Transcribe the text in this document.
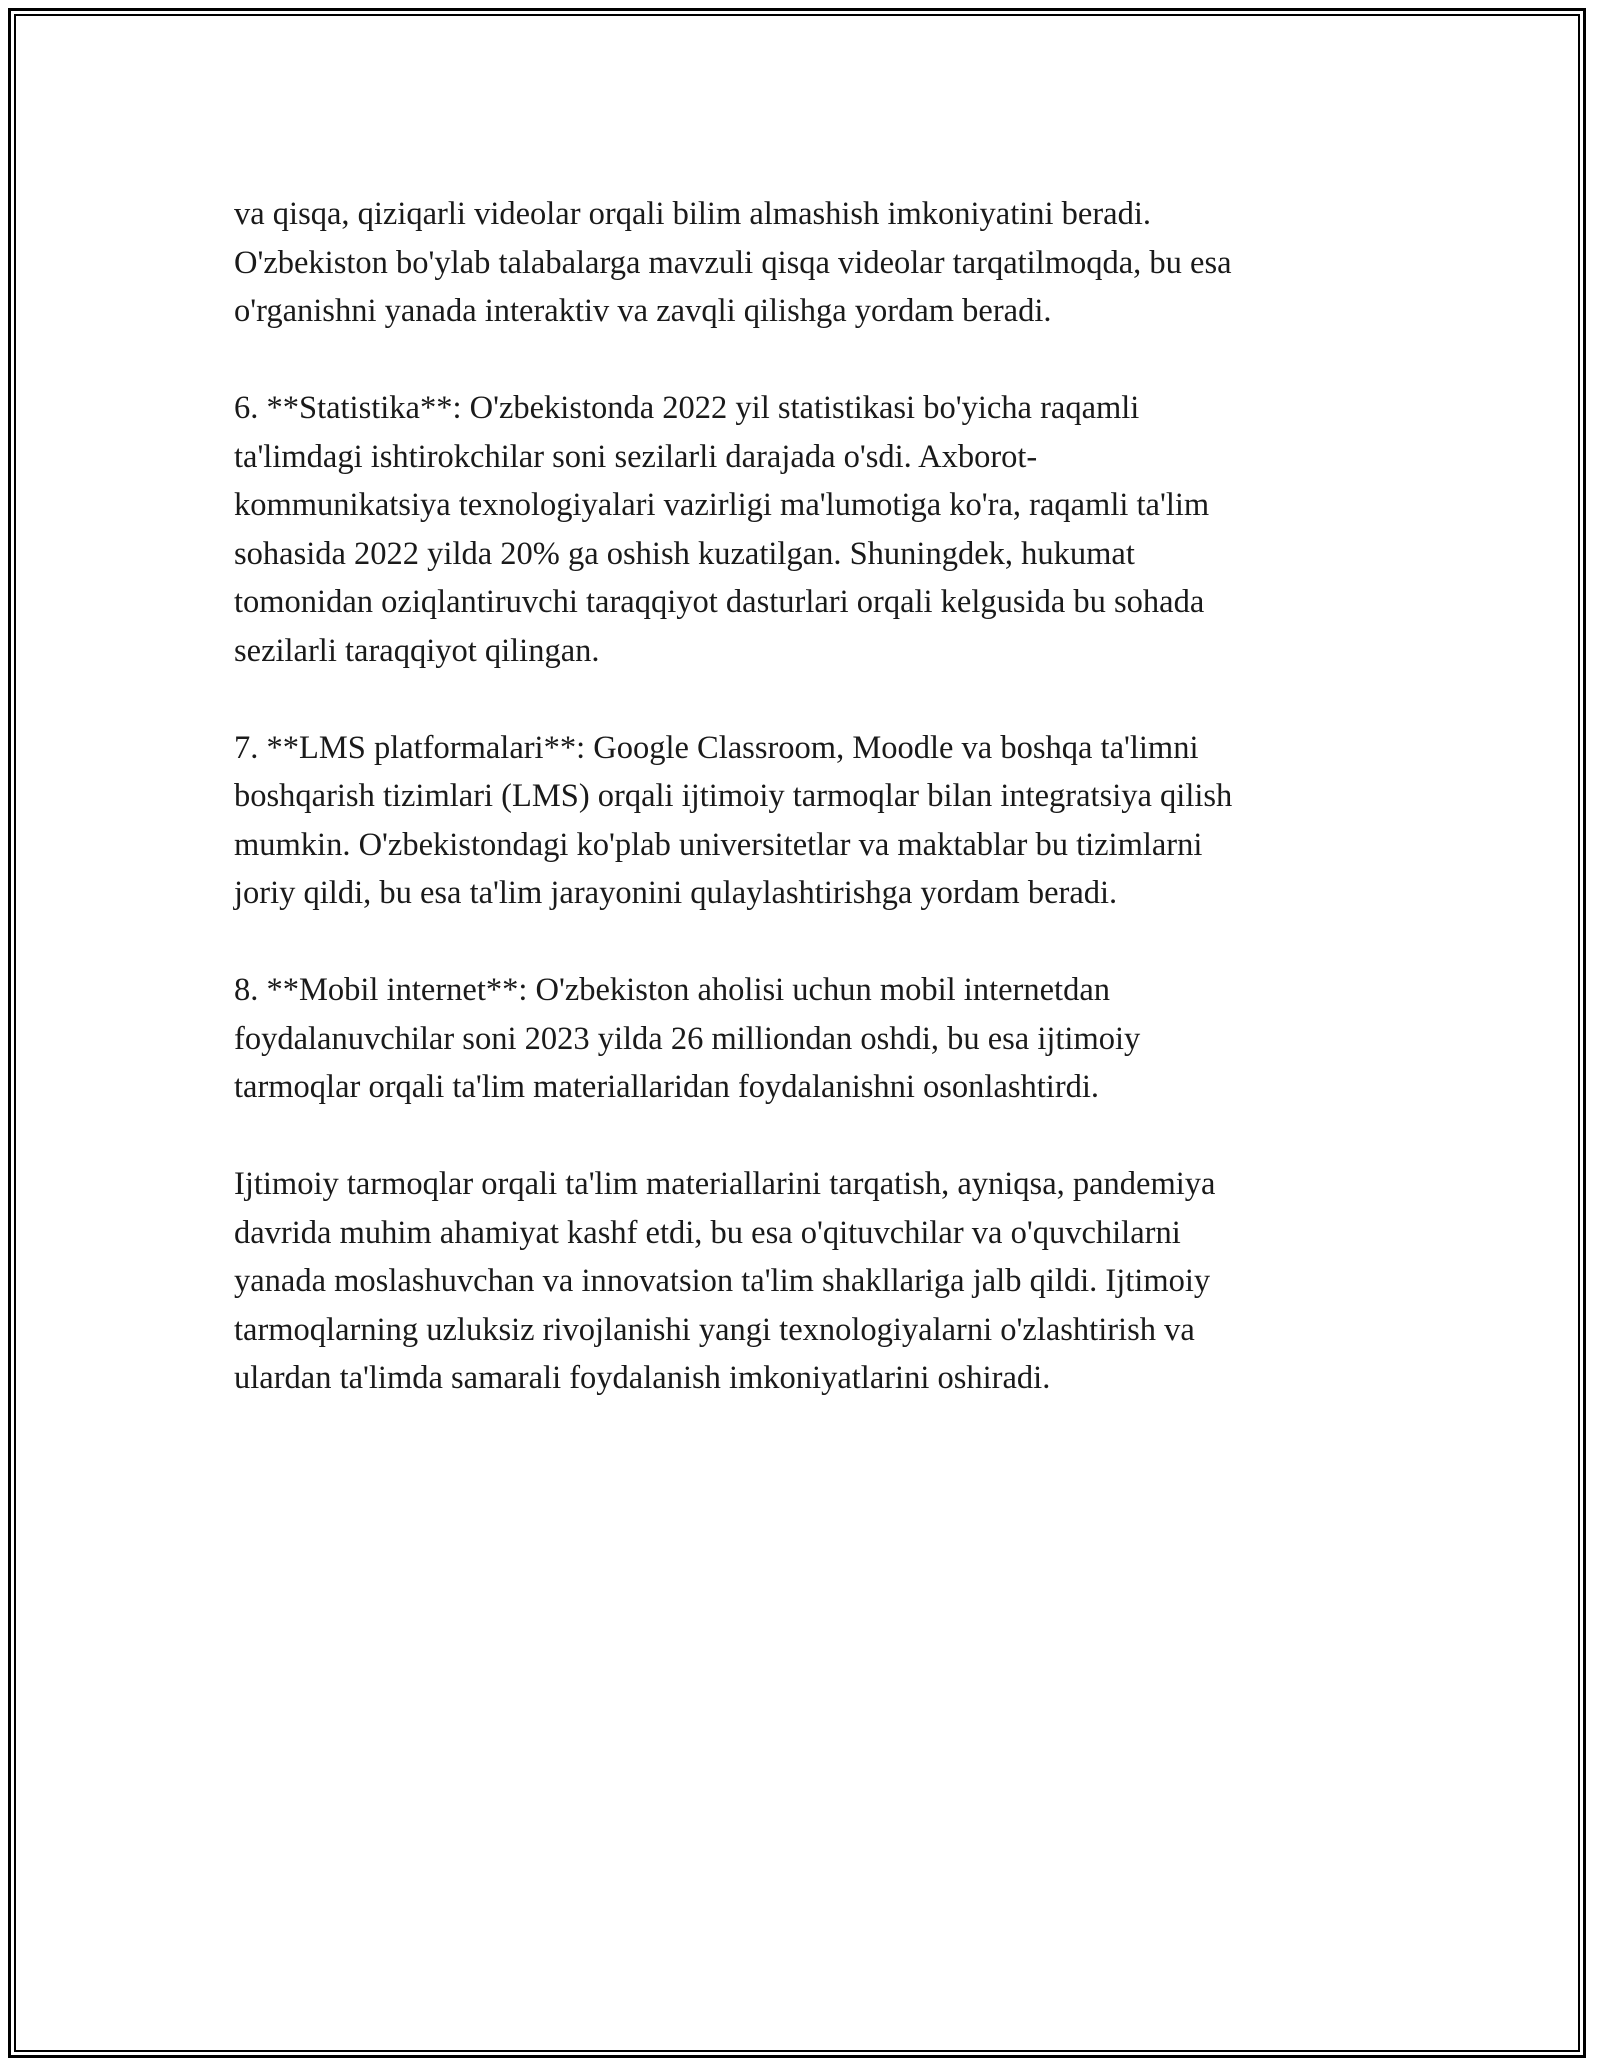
va qisqa, qiziqarli videolar orqali bilim almashish imkoniyatini beradi.
O'zbekiston bo'ylab talabalarga mavzuli qisqa videolar tarqatilmoqda, bu esa
o'rganishni yanada interaktiv va zavqli qilishga yordam beradi.

6. **Statistika**: O'zbekistonda 2022 yil statistikasi bo'yicha raqamli
ta'limdagi ishtirokchilar soni sezilarli darajada o'sdi. Axborot-
kommunikatsiya texnologiyalari vazirligi ma'lumotiga ko'ra, raqamli ta'lim
sohasida 2022 yilda 20% ga oshish kuzatilgan. Shuningdek, hukumat
tomonidan oziqlantiruvchi taraqqiyot dasturlari orqali kelgusida bu sohada
sezilarli taraqqiyot qilingan.

7. **LMS platformalari**: Google Classroom, Moodle va boshqa ta'limni
boshqarish tizimlari (LMS) orqali ijtimoiy tarmoqlar bilan integratsiya qilish
mumkin. O'zbekistondagi ko'plab universitetlar va maktablar bu tizimlarni
joriy qildi, bu esa ta'lim jarayonini qulaylashtirishga yordam beradi.

8. **Mobil internet**: O'zbekiston aholisi uchun mobil internetdan
foydalanuvchilar soni 2023 yilda 26 milliondan oshdi, bu esa ijtimoiy
tarmoqlar orqali ta'lim materiallaridan foydalanishni osonlashtirdi.

Ijtimoiy tarmoqlar orqali ta'lim materiallarini tarqatish, ayniqsa, pandemiya
davrida muhim ahamiyat kashf etdi, bu esa o'qituvchilar va o'quvchilarni
yanada moslashuvchan va innovatsion ta'lim shakllariga jalb qildi. Ijtimoiy
tarmoqlarning uzluksiz rivojlanishi yangi texnologiyalarni o'zlashtirish va
ulardan ta'limda samarali foydalanish imkoniyatlarini oshiradi.
